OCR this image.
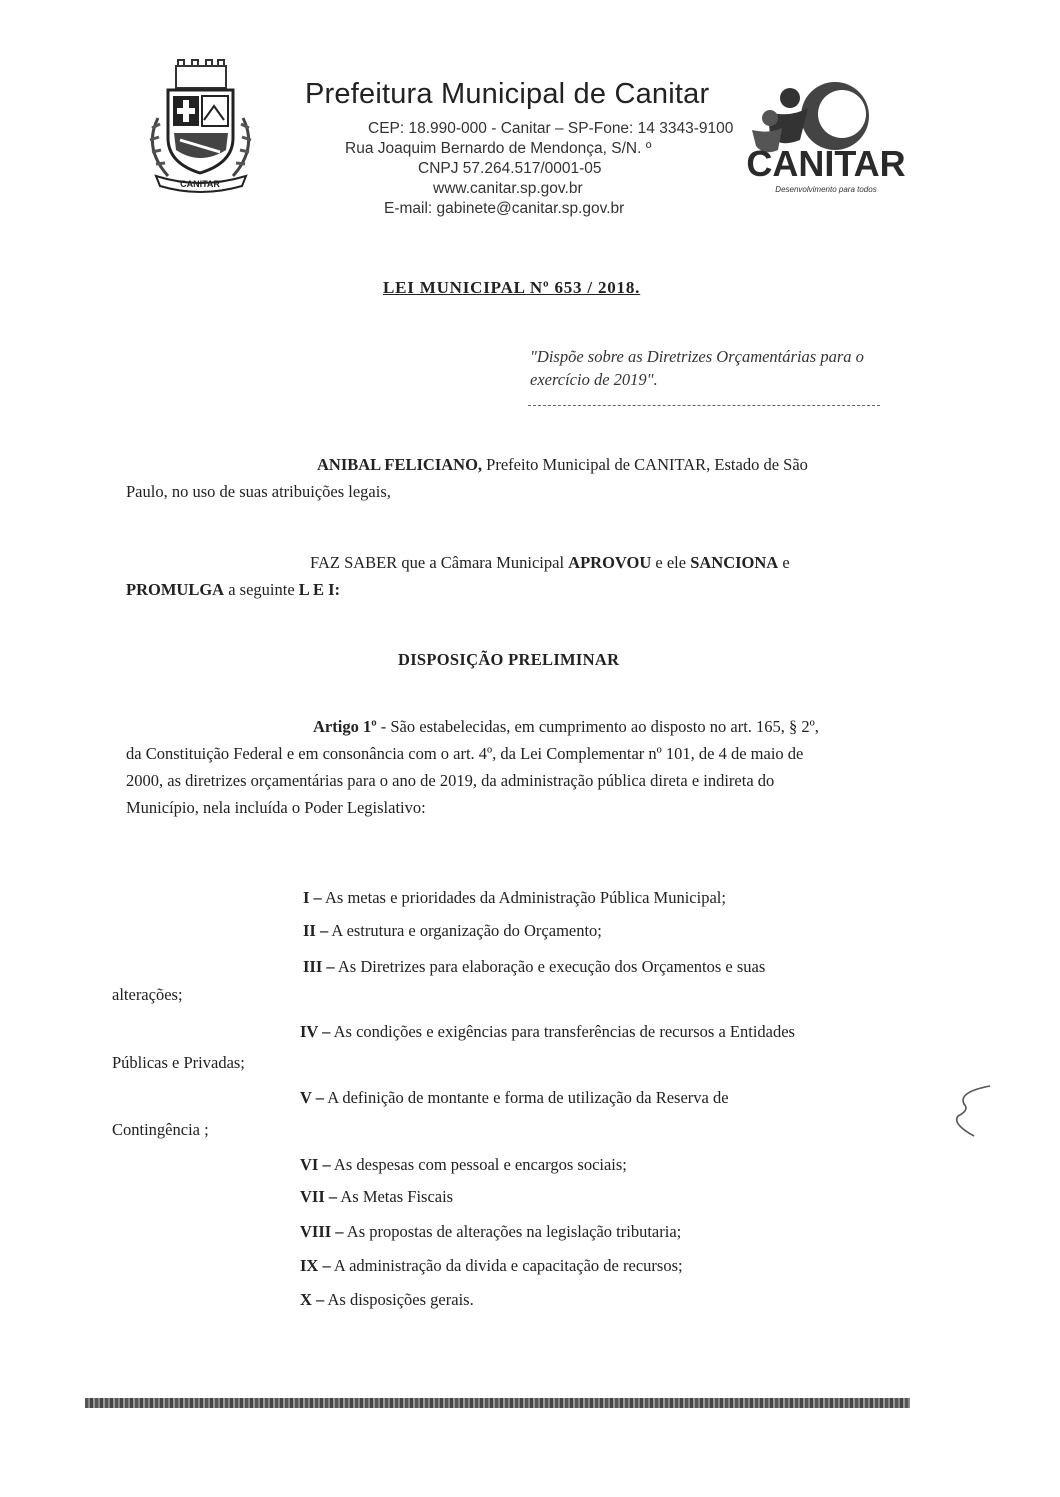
CANITAR
Prefeitura Municipal de Canitar
CEP: 18.990-000 - Canitar – SP-Fone: 14 3343-9100
Rua Joaquim Bernardo de Mendonça, S/N. º
CNPJ 57.264.517/0001-05
www.canitar.sp.gov.br
E-mail: gabinete@canitar.sp.gov.br
CANITAR
Desenvolvimento para todos
LEI MUNICIPAL Nº 653 / 2018.
"Dispõe sobre as Diretrizes Orçamentárias para o
exercício de 2019".
ANIBAL FELICIANO, Prefeito Municipal de CANITAR, Estado de São
Paulo, no uso de suas atribuições legais,
FAZ SABER que a Câmara Municipal APROVOU e ele SANCIONA e
PROMULGA a seguinte L E I:
DISPOSIÇÃO PRELIMINAR
Artigo 1º - São estabelecidas, em cumprimento ao disposto no art. 165, § 2º,
da Constituição Federal e em consonância com o art. 4º, da Lei Complementar nº 101, de 4 de maio de
2000, as diretrizes orçamentárias para o ano de 2019, da administração pública direta e indireta do
Município, nela incluída o Poder Legislativo:
I – As metas e prioridades da Administração Pública Municipal;
II – A estrutura e organização do Orçamento;
III – As Diretrizes para elaboração e execução dos Orçamentos e suas
alterações;
IV – As condições e exigências para transferências de recursos a Entidades
Públicas e Privadas;
V – A definição de montante e forma de utilização da Reserva de
Contingência ;
VI – As despesas com pessoal e encargos sociais;
VII – As Metas Fiscais
VIII – As propostas de alterações na legislação tributaria;
IX – A administração da divida e capacitação de recursos;
X – As disposições gerais.
